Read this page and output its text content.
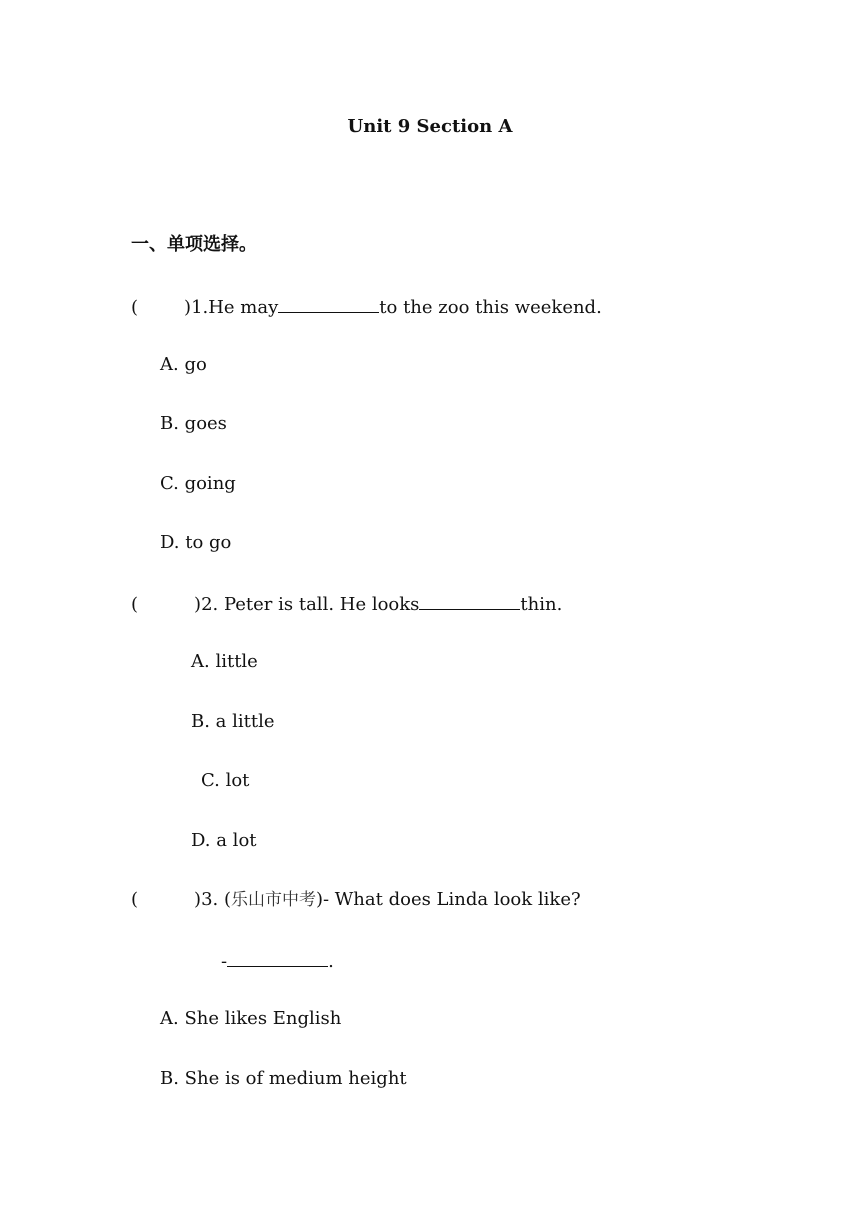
Unit 9 Section A
一、单项选择。
(	)1.He may	to the zoo this weekend.
A. go
B. goes
C. going
D. to go
(	)2. Peter is tall. He looks	thin.
A. little
B. a little
C. lot
D. a lot
(	)3. (乐山市中考)- What does Linda look like?
-	.
A. She likes English
B. She is of medium height
